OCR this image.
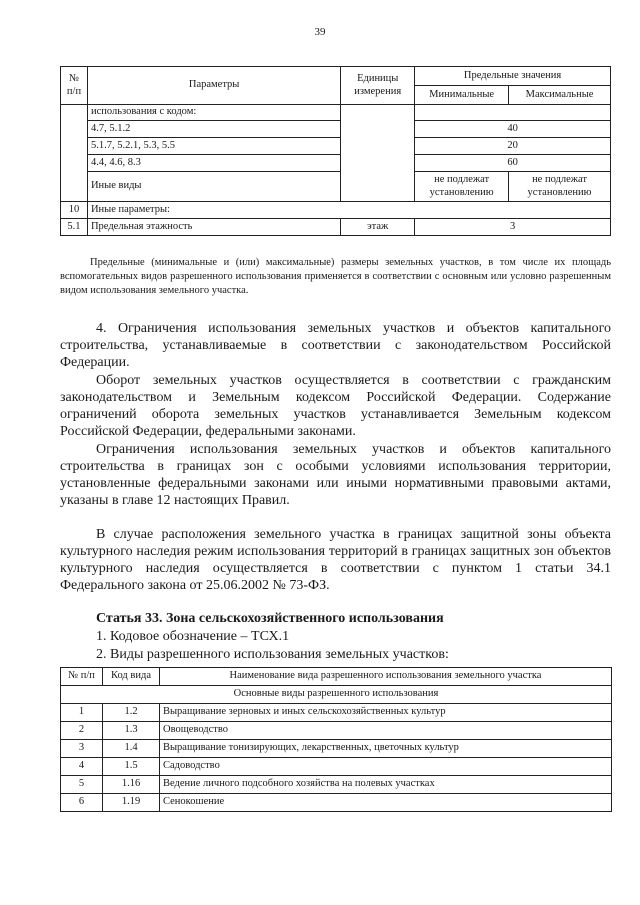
39
№ п/п	Параметры	Единицы измерения	Предельные значения	
			Минимальные	Максимальные
	использования с кодом:			
	4.7, 5.1.2		40	
	5.1.7, 5.2.1, 5.3, 5.5		20	
	4.4, 4.6, 8.3		60	
	Иные виды		не подлежат установлению	не подлежат установлению
10	Иные параметры:			
5.1	Предельная этажность	этаж	3	
Предельные (минимальные и (или) максимальные) размеры земельных участков, в том числе их площадь вспомогательных видов разрешенного использования применяется в соответствии с основным или условно разрешенным видом использования земельного участка.

4. Ограничения использования земельных участков и объектов капитального строительства, устанавливаемые в соответствии с законодательством Российской Федерации.

Оборот земельных участков осуществляется в соответствии с гражданским законодательством и Земельным кодексом Российской Федерации. Содержание ограничений оборота земельных участков устанавливается Земельным кодексом Российской Федерации, федеральными законами.

Ограничения использования земельных участков и объектов капитального строительства в границах зон с особыми условиями использования территории, установленные федеральными законами или иными нормативными правовыми актами, указаны в главе 12 настоящих Правил.

В случае расположения земельного участка в границах защитной зоны объекта культурного наследия режим использования территорий в границах защитных зон объектов культурного наследия осуществляется в соответствии с пунктом 1 статьи 34.1 Федерального закона от 25.06.2002 № 73-ФЗ.

Статья 33. Зона сельскохозяйственного использования
1. Кодовое обозначение – ТСХ.1
2. Виды разрешенного использования земельных участков:
№ п/п	Код вида	Наименование вида разрешенного использования земельного участка
Основные виды разрешенного использования		
1	1.2	Выращивание зерновых и иных сельскохозяйственных культур
2	1.3	Овощеводство
3	1.4	Выращивание тонизирующих, лекарственных, цветочных культур
4	1.5	Садоводство
5	1.16	Ведение личного подсобного хозяйства на полевых участках
6	1.19	Сенокошение
